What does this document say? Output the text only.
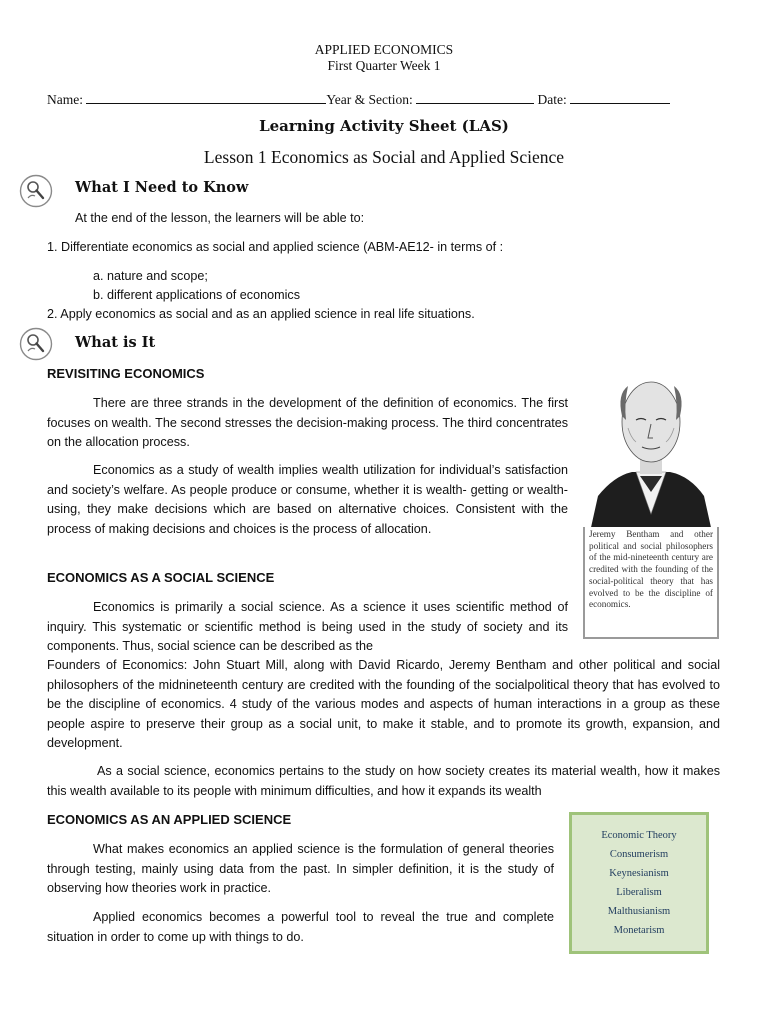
APPLIED ECONOMICS
First Quarter Week 1
Name:	Year & Section:	Date:
Learning Activity Sheet (LAS)
Lesson 1 Economics as Social and Applied Science
What I Need to Know
At the end of the lesson, the learners will be able to:
1. Differentiate economics as social and applied science (ABM-AE12- in terms of :
a. nature and scope;
b. different applications of economics
2. Apply economics as social and as an applied science in real life situations.
What is It
REVISITING ECONOMICS
There are three strands in the development of the definition of economics. The first focuses on wealth. The second stresses the decision-making process. The third concentrates on the allocation process.
Economics as a study of wealth implies wealth utilization for individual’s satisfaction and society’s welfare. As people produce or consume, whether it is wealth- getting or wealth-using, they make decisions which are based on alternative choices. Consistent with the process of making decisions and choices is the process of allocation.	Jeremy Bentham and other political and social philosophers of the mid-nineteenth century are credited with the founding of the social-political theory that has evolved to be the discipline of economics.
ECONOMICS AS A SOCIAL SCIENCE
Economics is primarily a social science. As a science it uses scientific method of inquiry. This systematic or scientific method is being used in the study of society and its components. Thus, social science can be described as the
Founders of Economics: John Stuart Mill, along with David Ricardo, Jeremy Bentham and other political and social philosophers of the midnineteenth century are credited with the founding of the socialpolitical theory that has evolved to be the discipline of economics. 4 study of the various modes and aspects of human interactions in a group as these people aspire to preserve their group as a social unit, to make it stable, and to promote its growth, expansion, and development.
As a social science, economics pertains to the study on how society creates its material wealth, how it makes this wealth available to its people with minimum difficulties, and how it expands its wealth
ECONOMICS AS AN APPLIED SCIENCE
What makes economics an applied science is the formulation of general theories through testing, mainly using data from the past. In simpler definition, it is the study of observing how theories work in practice.
Applied economics becomes a powerful tool to reveal the true and complete situation in order to come up with things to do.
Economic Theory
Consumerism
Keynesianism
Liberalism
Malthusianism
Monetarism
